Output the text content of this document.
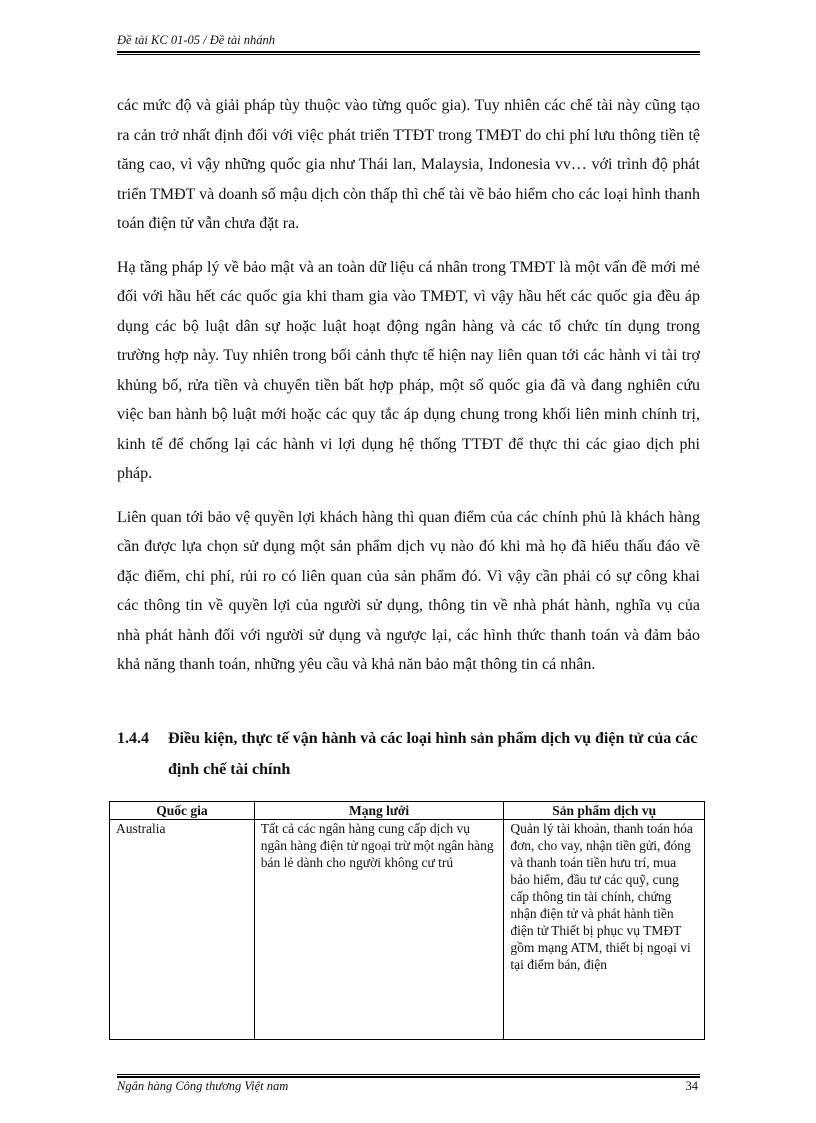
Đề tài KC 01-05 / Đề tài nhánh

các mức độ và giải pháp tùy thuộc vào từng quốc gia). Tuy nhiên các chế tài này cũng tạo ra cản trở nhất định đối với việc phát triển TTĐT trong TMĐT do chi phí lưu thông tiền tệ tăng cao, vì vậy những quốc gia như Thái lan, Malaysia, Indonesia vv… với trình độ phát triển TMĐT và doanh số mậu dịch còn thấp thì chế tài về bảo hiểm cho các loại hình thanh toán điện tử vẫn chưa đặt ra.

Hạ tầng pháp lý về bảo mật và an toàn dữ liệu cá nhân trong TMĐT là một vấn đề mới mẻ đối với hầu hết các quốc gia khi tham gia vào TMĐT, vì vậy hầu hết các quốc gia đều áp dụng các bộ luật dân sự hoặc luật hoạt động ngân hàng và các tổ chức tín dụng trong trường hợp này. Tuy nhiên trong bối cảnh thực tế hiện nay liên quan tới các hành vi tài trợ khủng bố, rửa tiền và chuyển tiền bất hợp pháp, một số quốc gia đã và đang nghiên cứu việc ban hành bộ luật mới hoặc các quy tắc áp dụng chung trong khối liên minh chính trị, kinh tế để chống lại các hành vi lợi dụng hệ thống TTĐT để thực thi các giao dịch phi pháp.

Liên quan tới bảo vệ quyền lợi khách hàng thì quan điểm của các chính phủ là khách hàng cần được lựa chọn sử dụng một sản phẩm dịch vụ nào đó khi mà họ đã hiểu thấu đáo về đặc điểm, chi phí, rủi ro có liên quan của sản phẩm đó. Vì vậy cần phải có sự công khai các thông tin về quyền lợi của người sử dụng, thông tin về nhà phát hành, nghĩa vụ của nhà phát hành đối với người sử dụng và ngược lại, các hình thức thanh toán và đảm bảo khả năng thanh toán, những yêu cầu và khả năn bảo mật thông tin cá nhân.

1.4.4 Điều kiện, thực tế vận hành và các loại hình sản phẩm dịch vụ điện tử của các định chế tài chính
Quốc gia	Mạng lưới	Sản phẩm dịch vụ
Australia	Tất cả các ngân hàng cung cấp dịch vụ ngân hàng điện tử ngoại trừ một ngân hàng bán lẻ dành cho người không cư trú	Quản lý tài khoản, thanh toán hóa đơn, cho vay, nhận tiền gửi, đóng và thanh toán tiền hưu trí, mua bảo hiểm, đầu tư các quỹ, cung cấp thông tin tài chính, chứng nhận điện tử và phát hành tiền điện tử Thiết bị phục vụ TMĐT gồm mạng ATM, thiết bị ngoại vi tại điểm bán, điện
Ngân hàng Công thương Việt nam	34
